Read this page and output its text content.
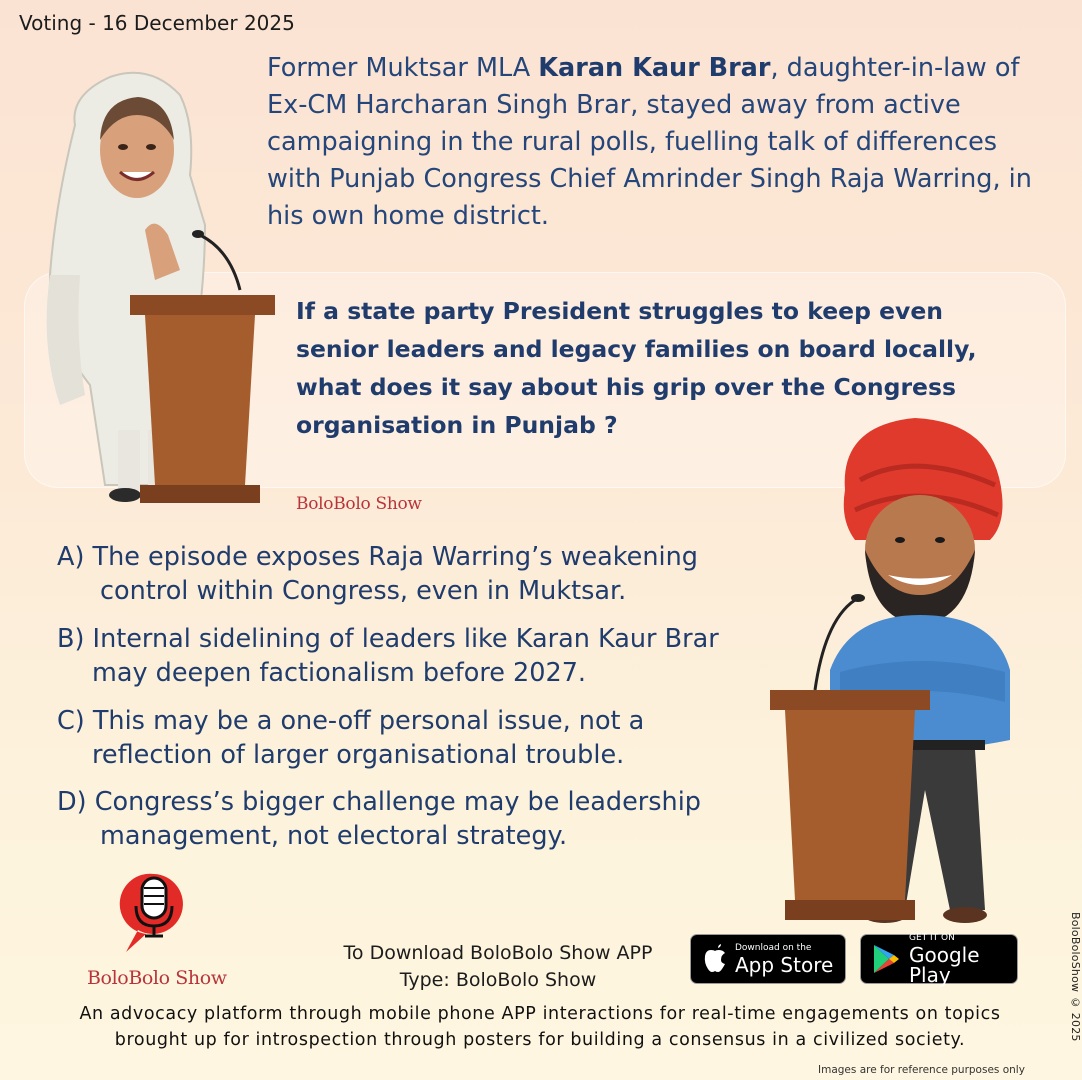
Voting - 16 December 2025
Former Muktsar MLA Karan Kaur Brar, daughter-in-law of Ex-CM Harcharan Singh Brar, stayed away from active campaigning in the rural polls, fuelling talk of differences with Punjab Congress Chief Amrinder Singh Raja Warring, in his own home district.
If a state party President struggles to keep even senior leaders and legacy families on board locally, what does it say about his grip over the Congress organisation in Punjab ?
BoloBolo Show
A) The episode exposes Raja Warring’s weakening
control within Congress, even in Muktsar.
B) Internal sidelining of leaders like Karan Kaur Brar
may deepen factionalism before 2027.
C) This may be a one-off personal issue, not a
reflection of larger organisational trouble.
D) Congress’s bigger challenge may be leadership
management, not electoral strategy.
BoloBolo Show
To Download BoloBolo Show APP
Type: BoloBolo Show
Download on the
App Store
GET IT ON
Google Play
An advocacy platform through mobile phone APP interactions for real-time engagements on topics
brought up for introspection through posters for building a consensus in a civilized society.
Images are for reference purposes only
BoloBoloShow © 2025
